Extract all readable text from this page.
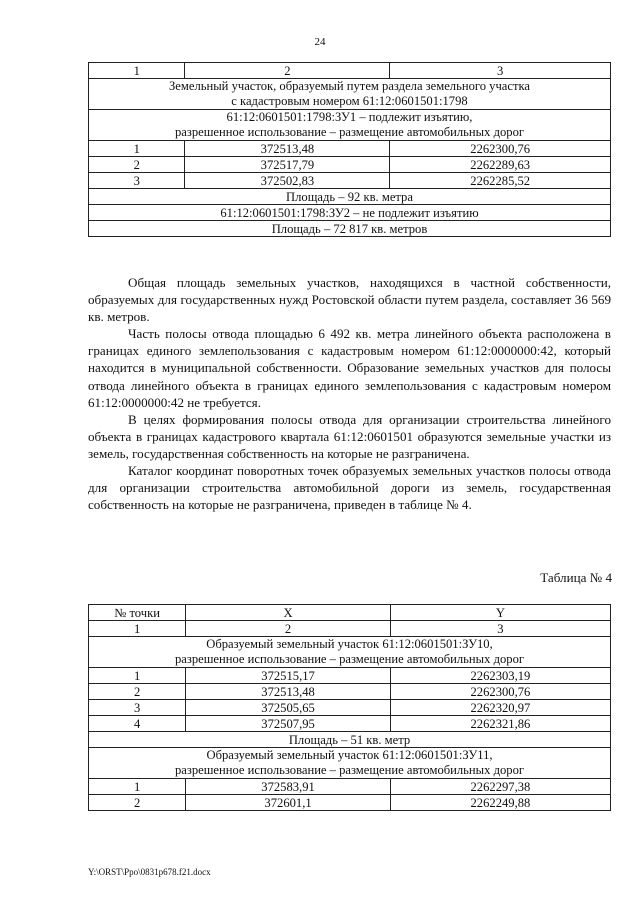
24
1	2	3

Земельный участок, образуемый путем раздела земельного участка
с кадастровым номером 61:12:0601501:1798		

61:12:0601501:1798:ЗУ1 – подлежит изъятию,
разрешенное использование – размещение автомобильных дорог		

1	372513,48	2262300,76
2	372517,79	2262289,63
3	372502,83	2262285,52
Площадь – 92 кв. метра		
61:12:0601501:1798:ЗУ2 – не подлежит изъятию		
Площадь – 72 817 кв. метров		

Общая площадь земельных участков, находящихся в частной собственности, образуемых для государственных нужд Ростовской области путем раздела, составляет 36 569 кв. метров.

Часть полосы отвода площадью 6 492 кв. метра линейного объекта расположена в границах единого землепользования с кадастровым номером 61:12:0000000:42, который находится в муниципальной собственности. Образование земельных участков для полосы отвода линейного объекта в границах единого землепользования с кадастровым номером 61:12:0000000:42 не требуется.

В целях формирования полосы отвода для организации строительства линейного объекта в границах кадастрового квартала 61:12:0601501 образуются земельные участки из земель, государственная собственность на которые не разграничена.

Каталог координат поворотных точек образуемых земельных участков полосы отвода для организации строительства автомобильной дороги из земель, государственная собственность на которые не разграничена, приведен в таблице № 4.

Таблица № 4
№ точки	X	Y
1	2	3

Образуемый земельный участок 61:12:0601501:ЗУ10,
разрешенное использование – размещение автомобильных дорог		

1	372515,17	2262303,19
2	372513,48	2262300,76
3	372505,65	2262320,97
4	372507,95	2262321,86
Площадь – 51 кв. метр		

Образуемый земельный участок 61:12:0601501:ЗУ11,
разрешенное использование – размещение автомобильных дорог		

1	372583,91	2262297,38
2	372601,1	2262249,88
Y:\ORST\Ppo\0831p678.f21.docx
